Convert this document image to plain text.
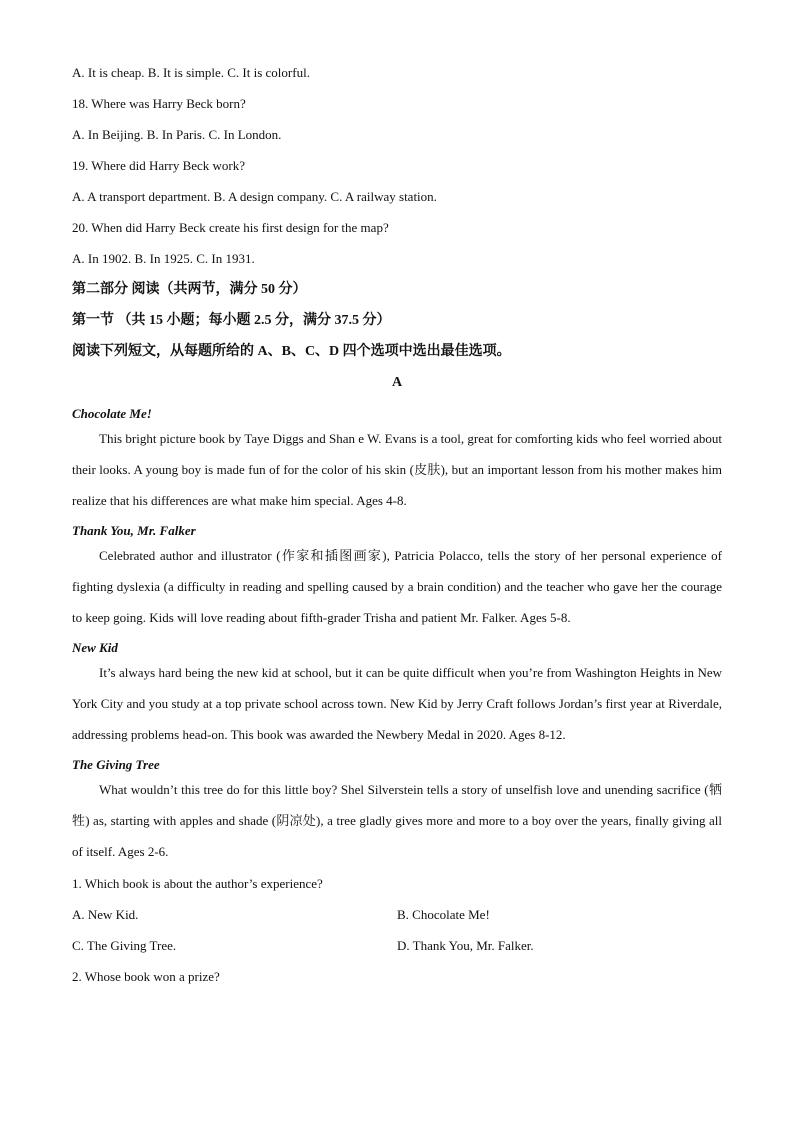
A. It is cheap. B. It is simple. C. It is colorful.

18. Where was Harry Beck born?

A. In Beijing. B. In Paris. C. In London.

19. Where did Harry Beck work?

A. A transport department. B. A design company. C. A railway station.

20. When did Harry Beck create his first design for the map?

A. In 1902. B. In 1925. C. In 1931.

第二部分 阅读（共两节，满分 50 分）

第一节 （共 15 小题；每小题 2.5 分，满分 37.5 分）

阅读下列短文，从每题所给的 A、B、C、D 四个选项中选出最佳选项。

A

Chocolate Me!

This bright picture book by Taye Diggs and Shan e W. Evans is a tool, great for comforting kids who feel worried about their looks. A young boy is made fun of for the color of his skin (皮肤), but an important lesson from his mother makes him realize that his differences are what make him special. Ages 4-8.

Thank You, Mr. Falker

Celebrated author and illustrator (作家和插图画家), Patricia Polacco, tells the story of her personal experience of fighting dyslexia (a difficulty in reading and spelling caused by a brain condition) and the teacher who gave her the courage to keep going. Kids will love reading about fifth-grader Trisha and patient Mr. Falker. Ages 5-8.

New Kid

It’s always hard being the new kid at school, but it can be quite difficult when you’re from Washington Heights in New York City and you study at a top private school across town. New Kid by Jerry Craft follows Jordan’s first year at Riverdale, addressing problems head-on. This book was awarded the Newbery Medal in 2020. Ages 8-12.

The Giving Tree

What wouldn’t this tree do for this little boy? Shel Silverstein tells a story of unselfish love and unending sacrifice (牺牲) as, starting with apples and shade (阴凉处), a tree gladly gives more and more to a boy over the years, finally giving all of itself. Ages 2-6.

1. Which book is about the author’s experience?

A. New Kid.	B. Chocolate Me!
C. The Giving Tree.	D. Thank You, Mr. Falker.

2. Whose book won a prize?
